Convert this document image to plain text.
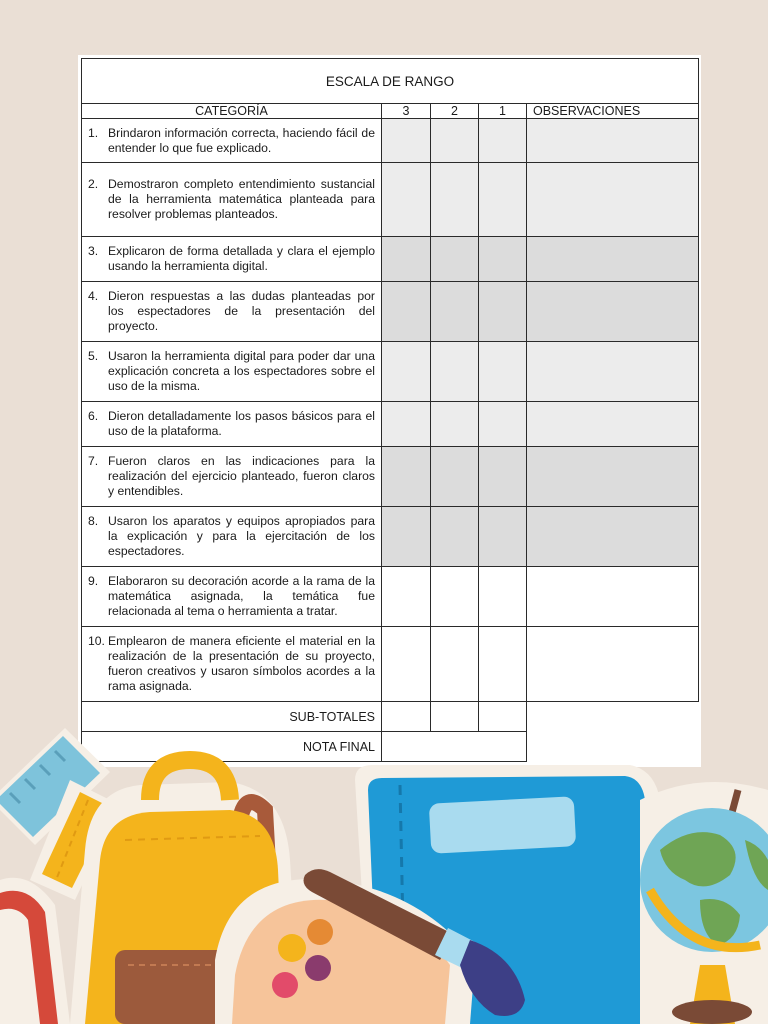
ESCALA DE RANGO				
CATEGORÍA	3	2	1	OBSERVACIONES

1. Brindaron información correcta, haciendo fácil de entender lo que fue explicado.				

2. Demostraron completo entendimiento sustancial de la herramienta matemática planteada para resolver problemas planteados.				

3. Explicaron de forma detallada y clara el ejemplo usando la herramienta digital.				

4. Dieron respuestas a las dudas planteadas por los espectadores de la presentación del proyecto.				

5. Usaron la herramienta digital para poder dar una explicación concreta a los espectadores sobre el uso de la misma.				

6. Dieron detalladamente los pasos básicos para el uso de la plataforma.				

7. Fueron claros en las indicaciones para la realización del ejercicio planteado, fueron claros y entendibles.				

8. Usaron los aparatos y equipos apropiados para la explicación y para la ejercitación de los espectadores.				

9. Elaboraron su decoración acorde a la rama de la matemática asignada, la temática fue relacionada al tema o herramienta a tratar.				

10. Emplearon de manera eficiente el material en la realización de la presentación de su proyecto, fueron creativos y usaron símbolos acordes a la rama asignada.				

SUB-TOTALES				
NOTA FINAL				
